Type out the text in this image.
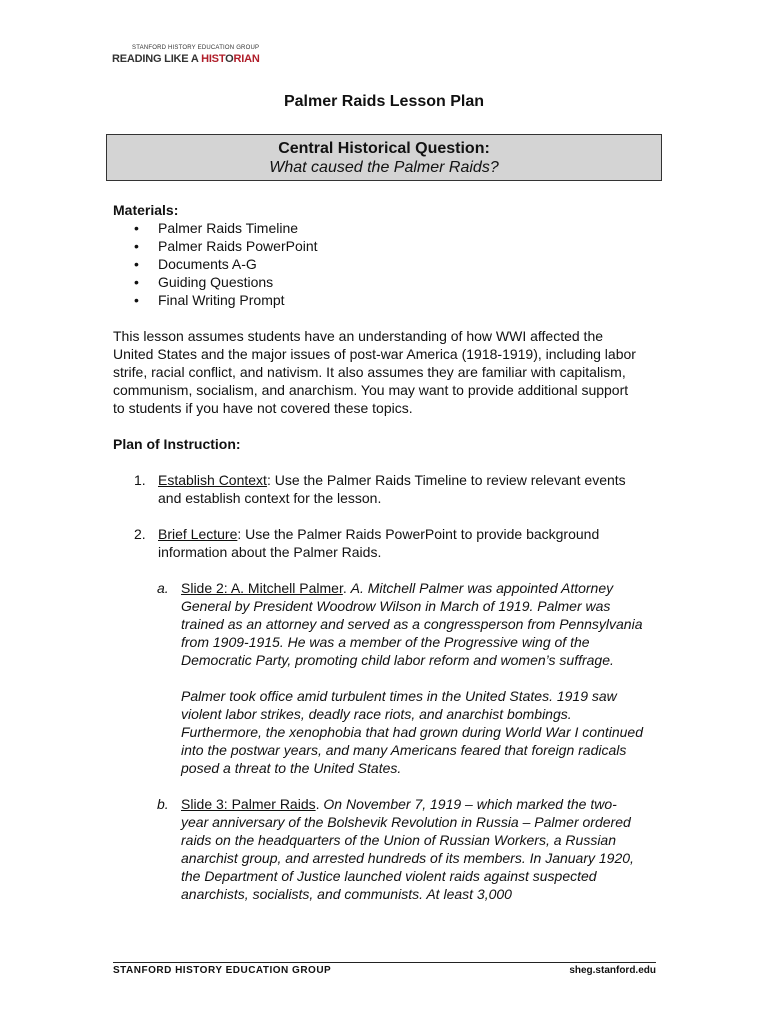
STANFORD HISTORY EDUCATION GROUP
READING LIKE A HISTORIAN
Palmer Raids Lesson Plan
Central Historical Question:
What caused the Palmer Raids?
Materials:
• Palmer Raids Timeline
• Palmer Raids PowerPoint
• Documents A-G
• Guiding Questions
• Final Writing Prompt
This lesson assumes students have an understanding of how WWI affected the United States and the major issues of post-war America (1918-1919), including labor strife, racial conflict, and nativism. It also assumes they are familiar with capitalism, communism, socialism, and anarchism. You may want to provide additional support to students if you have not covered these topics.
Plan of Instruction:
1. Establish Context: Use the Palmer Raids Timeline to review relevant events and establish context for the lesson.
2. Brief Lecture: Use the Palmer Raids PowerPoint to provide background information about the Palmer Raids.
a. Slide 2: A. Mitchell Palmer. A. Mitchell Palmer was appointed Attorney General by President Woodrow Wilson in March of 1919. Palmer was trained as an attorney and served as a congressperson from Pennsylvania from 1909-1915. He was a member of the Progressive wing of the Democratic Party, promoting child labor reform and women’s suffrage.
Palmer took office amid turbulent times in the United States. 1919 saw violent labor strikes, deadly race riots, and anarchist bombings. Furthermore, the xenophobia that had grown during World War I continued into the postwar years, and many Americans feared that foreign radicals posed a threat to the United States.
b. Slide 3: Palmer Raids. On November 7, 1919 – which marked the two-year anniversary of the Bolshevik Revolution in Russia – Palmer ordered raids on the headquarters of the Union of Russian Workers, a Russian anarchist group, and arrested hundreds of its members. In January 1920, the Department of Justice launched violent raids against suspected anarchists, socialists, and communists. At least 3,000
STANFORD HISTORY EDUCATION GROUP	sheg.stanford.edu
